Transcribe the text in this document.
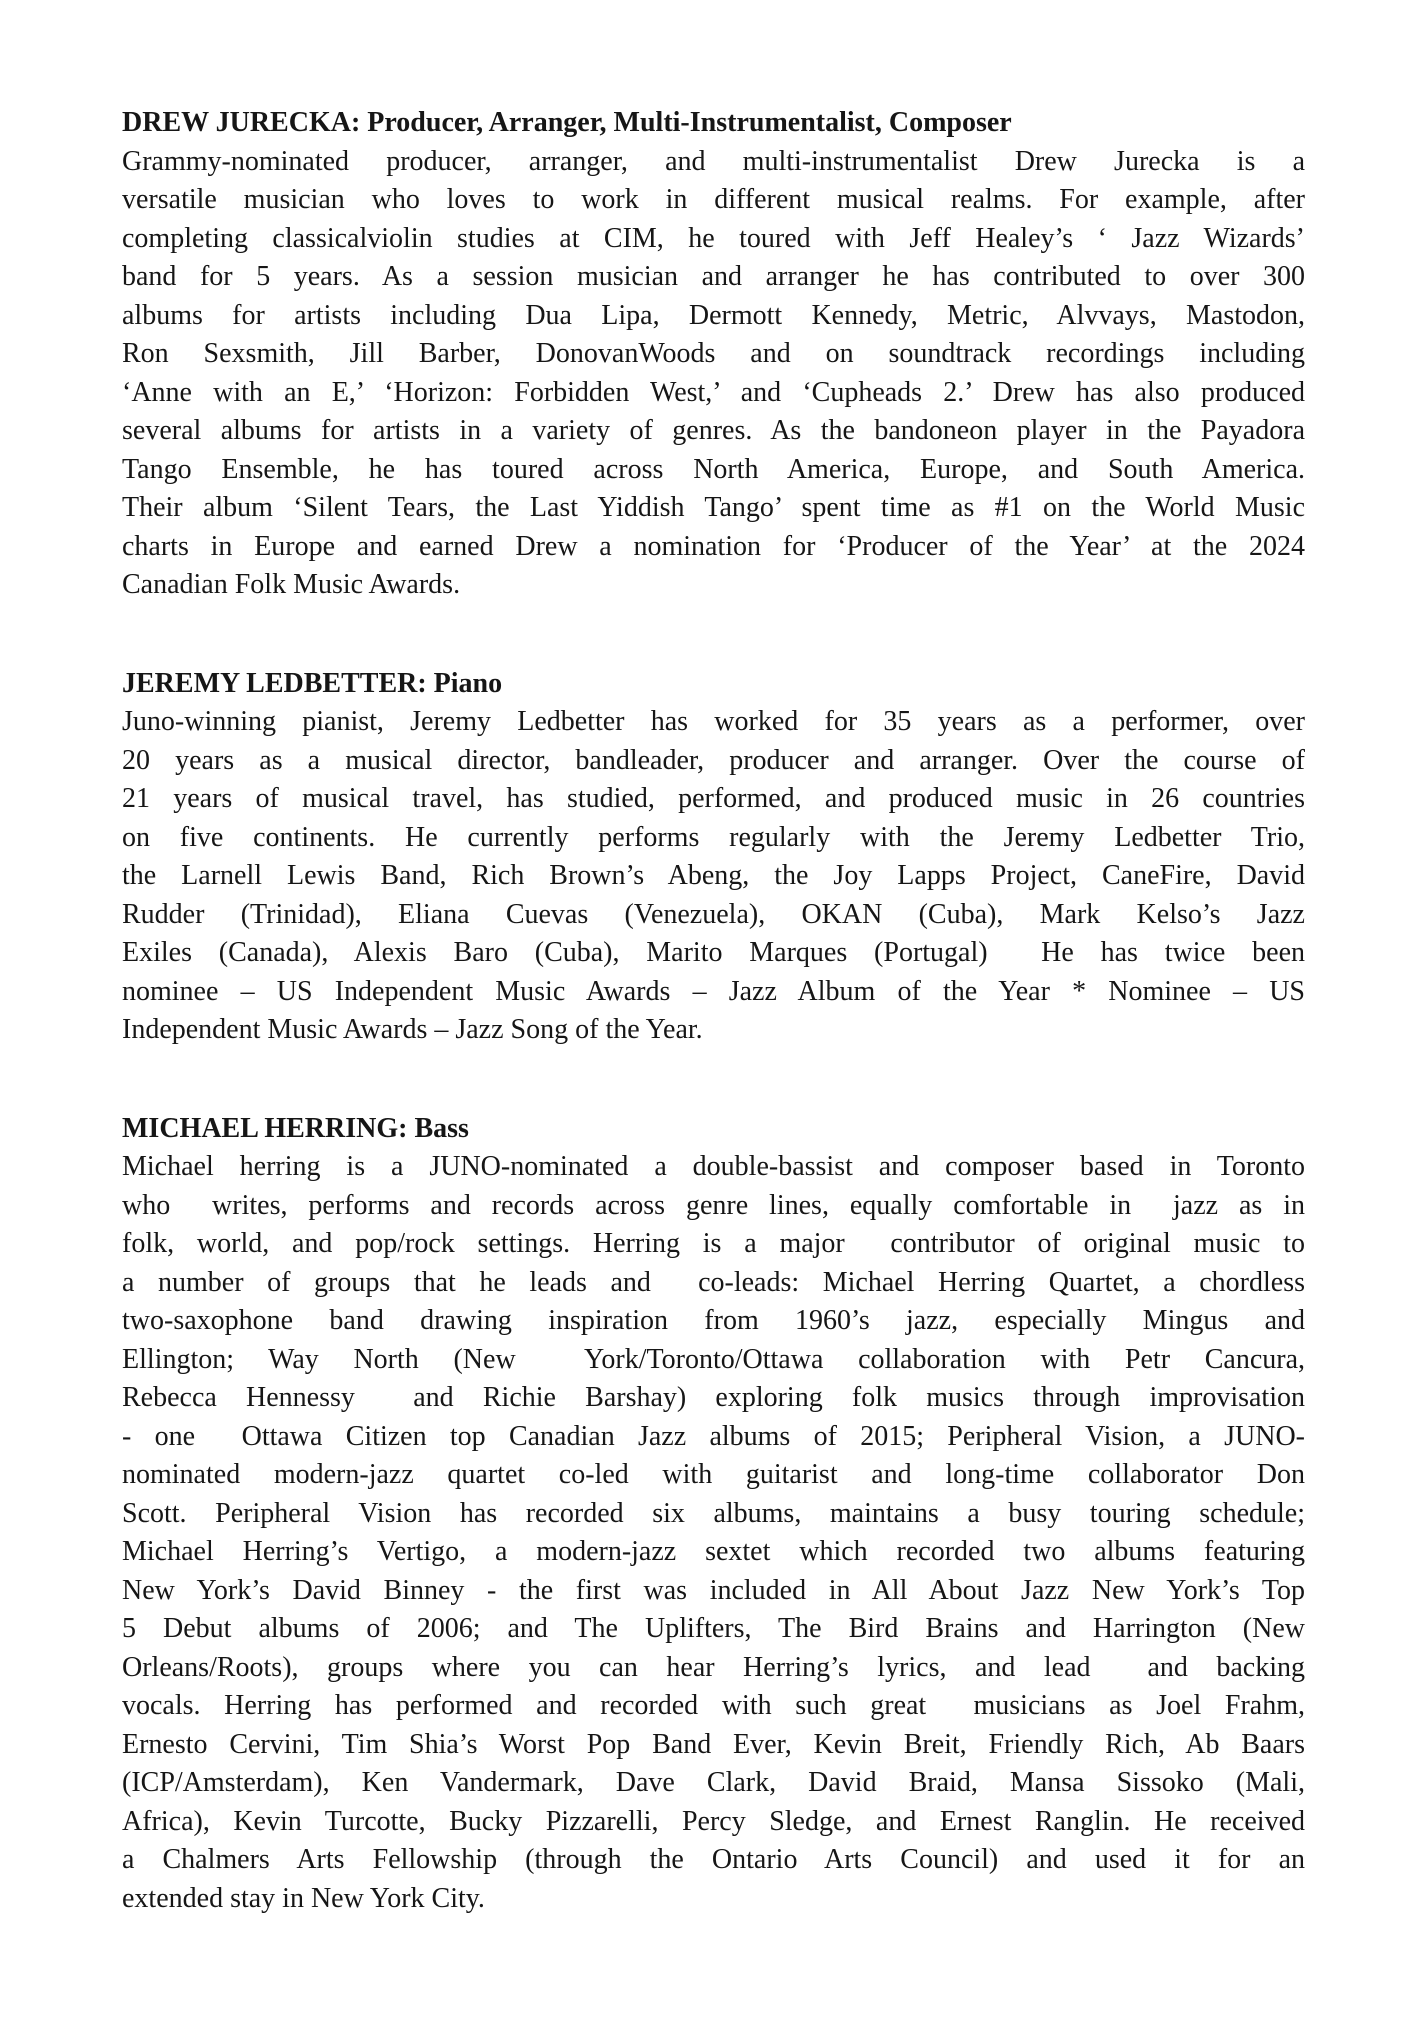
DREW JURECKA: Producer, Arranger, Multi-Instrumentalist, Composer
Grammy-nominated producer, arranger, and multi-instrumentalist Drew Jurecka is a
versatile musician who loves to work in different musical realms. For example, after
completing classicalviolin studies at CIM, he toured with Jeff Healey’s ‘ Jazz Wizards’
band for 5 years. As a session musician and arranger he has contributed to over 300
albums for artists including Dua Lipa, Dermott Kennedy, Metric, Alvvays, Mastodon,
Ron Sexsmith, Jill Barber, DonovanWoods and on soundtrack recordings including
‘Anne with an E,’ ‘Horizon: Forbidden West,’ and ‘Cupheads 2.’ Drew has also produced
several albums for artists in a variety of genres. As the bandoneon player in the Payadora
Tango Ensemble, he has toured across North America, Europe, and South America.
Their album ‘Silent Tears, the Last Yiddish Tango’ spent time as #1 on the World Music
charts in Europe and earned Drew a nomination for ‘Producer of the Year’ at the 2024
Canadian Folk Music Awards.
JEREMY LEDBETTER: Piano
Juno-winning pianist, Jeremy Ledbetter has worked for 35 years as a performer, over
20 years as a musical director, bandleader, producer and arranger. Over the course of
21 years of musical travel, has studied, performed, and produced music in 26 countries
on five continents. He currently performs regularly with the Jeremy Ledbetter Trio,
the Larnell Lewis Band, Rich Brown’s Abeng, the Joy Lapps Project, CaneFire, David
Rudder (Trinidad), Eliana Cuevas (Venezuela), OKAN (Cuba), Mark Kelso’s Jazz
Exiles (Canada), Alexis Baro (Cuba), Marito Marques (Portugal)  He has twice been
nominee – US Independent Music Awards – Jazz Album of the Year * Nominee – US
Independent Music Awards – Jazz Song of the Year.
MICHAEL HERRING: Bass
Michael herring is a JUNO-nominated a double-bassist and composer based in Toronto
who  writes, performs and records across genre lines, equally comfortable in  jazz as in
folk, world, and pop/rock settings. Herring is a major  contributor of original music to
a number of groups that he leads and  co-leads: Michael Herring Quartet, a chordless
two-saxophone band drawing inspiration from 1960’s jazz, especially Mingus and
Ellington; Way North (New  York/Toronto/Ottawa collaboration with Petr Cancura,
Rebecca Hennessy  and Richie Barshay) exploring folk musics through improvisation
- one  Ottawa Citizen top Canadian Jazz albums of 2015; Peripheral Vision, a JUNO-
nominated modern-jazz quartet co-led with guitarist and long-time collaborator Don
Scott. Peripheral Vision has recorded six albums, maintains a busy touring schedule;
Michael Herring’s Vertigo, a modern-jazz sextet which recorded two albums featuring
New York’s David Binney - the first was included in All About Jazz New York’s Top
5 Debut albums of 2006; and The Uplifters, The Bird Brains and Harrington (New
Orleans/Roots), groups where you can hear Herring’s lyrics, and lead  and backing
vocals. Herring has performed and recorded with such great  musicians as Joel Frahm,
Ernesto Cervini, Tim Shia’s Worst Pop Band Ever, Kevin Breit, Friendly Rich, Ab Baars
(ICP/Amsterdam), Ken Vandermark, Dave Clark, David Braid, Mansa Sissoko (Mali,
Africa), Kevin Turcotte, Bucky Pizzarelli, Percy Sledge, and Ernest Ranglin. He received
a Chalmers Arts Fellowship (through the Ontario Arts Council) and used it for an
extended stay in New York City.
